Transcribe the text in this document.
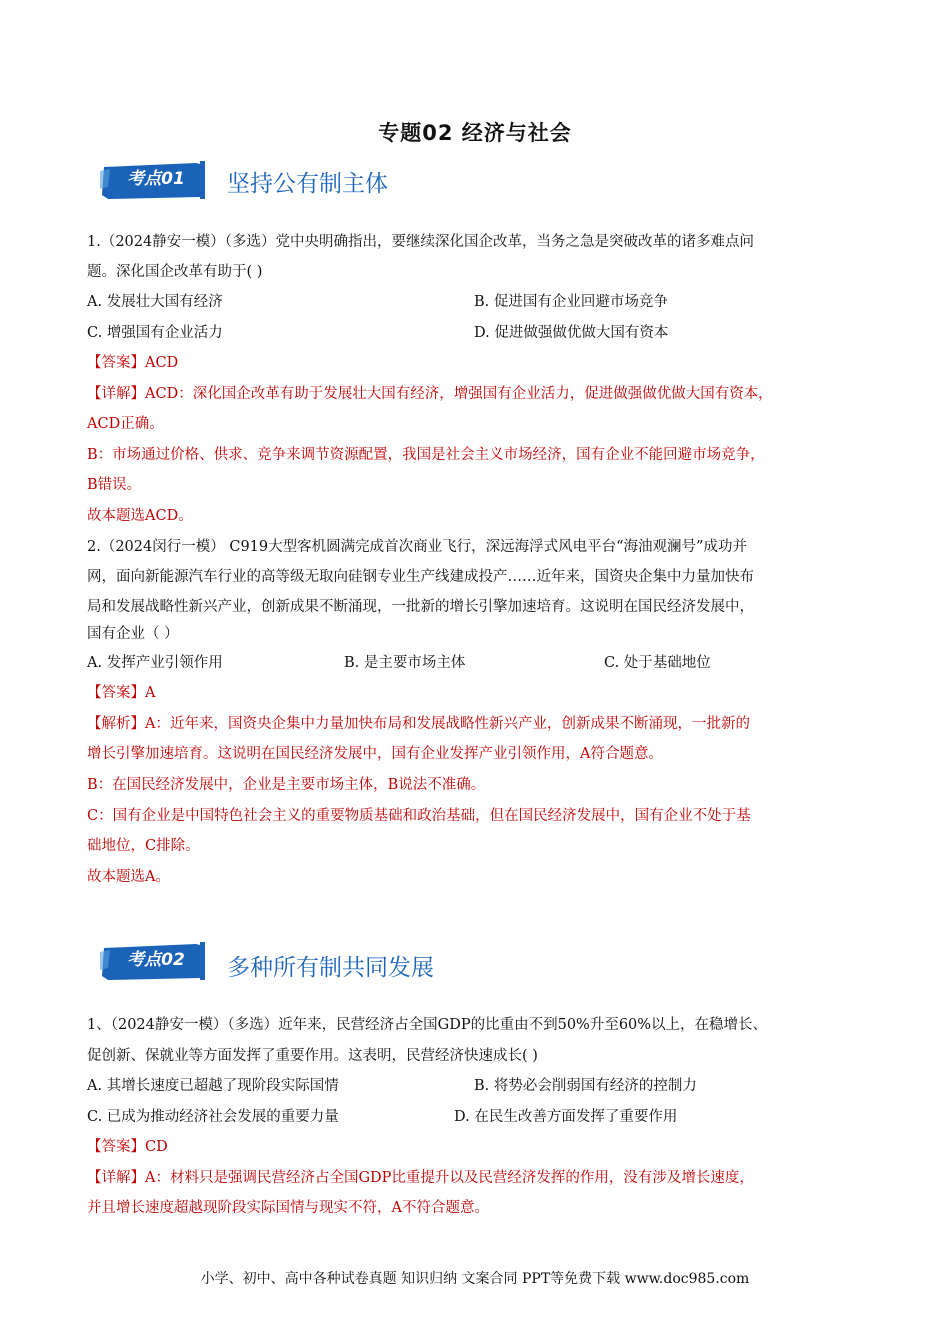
专题02 经济与社会
考点01	坚持公有制主体
1.（2024静安一模）（多选）党中央明确指出，要继续深化国企改革，当务之急是突破改革的诸多难点问
题。深化国企改革有助于( )
A. 发展壮大国有经济	B. 促进国有企业回避市场竞争
C. 增强国有企业活力	D. 促进做强做优做大国有资本
【答案】ACD
【详解】ACD：深化国企改革有助于发展壮大国有经济，增强国有企业活力，促进做强做优做大国有资本，
ACD正确。
B：市场通过价格、供求、竞争来调节资源配置，我国是社会主义市场经济，国有企业不能回避市场竞争，
B错误。
故本题选ACD。
2.（2024闵行一模） C919大型客机圆满完成首次商业飞行，深远海浮式风电平台“海油观澜号”成功并
网，面向新能源汽车行业的高等级无取向硅钢专业生产线建成投产……近年来，国资央企集中力量加快布
局和发展战略性新兴产业，创新成果不断涌现，一批新的增长引擎加速培育。这说明在国民经济发展中，
国有企业（ ）
A. 发挥产业引领作用	B. 是主要市场主体	C. 处于基础地位
【答案】A
【解析】A：近年来，国资央企集中力量加快布局和发展战略性新兴产业，创新成果不断涌现，一批新的
增长引擎加速培育。这说明在国民经济发展中，国有企业发挥产业引领作用，A符合题意。
B：在国民经济发展中，企业是主要市场主体，B说法不准确。
C：国有企业是中国特色社会主义的重要物质基础和政治基础，但在国民经济发展中，国有企业不处于基
础地位，C排除。
故本题选A。
考点02	多种所有制共同发展
1、（2024静安一模）（多选）近年来，民营经济占全国GDP的比重由不到50%升至60%以上，在稳增长、
促创新、保就业等方面发挥了重要作用。这表明，民营经济快速成长( )
A. 其增长速度已超越了现阶段实际国情	B. 将势必会削弱国有经济的控制力
C. 已成为推动经济社会发展的重要力量	D. 在民生改善方面发挥了重要作用
【答案】CD
【详解】A：材料只是强调民营经济占全国GDP比重提升以及民营经济发挥的作用，没有涉及增长速度，
并且增长速度超越现阶段实际国情与现实不符，A不符合题意。
小学、初中、高中各种试卷真题 知识归纳 文案合同 PPT等免费下载 www.doc985.com
